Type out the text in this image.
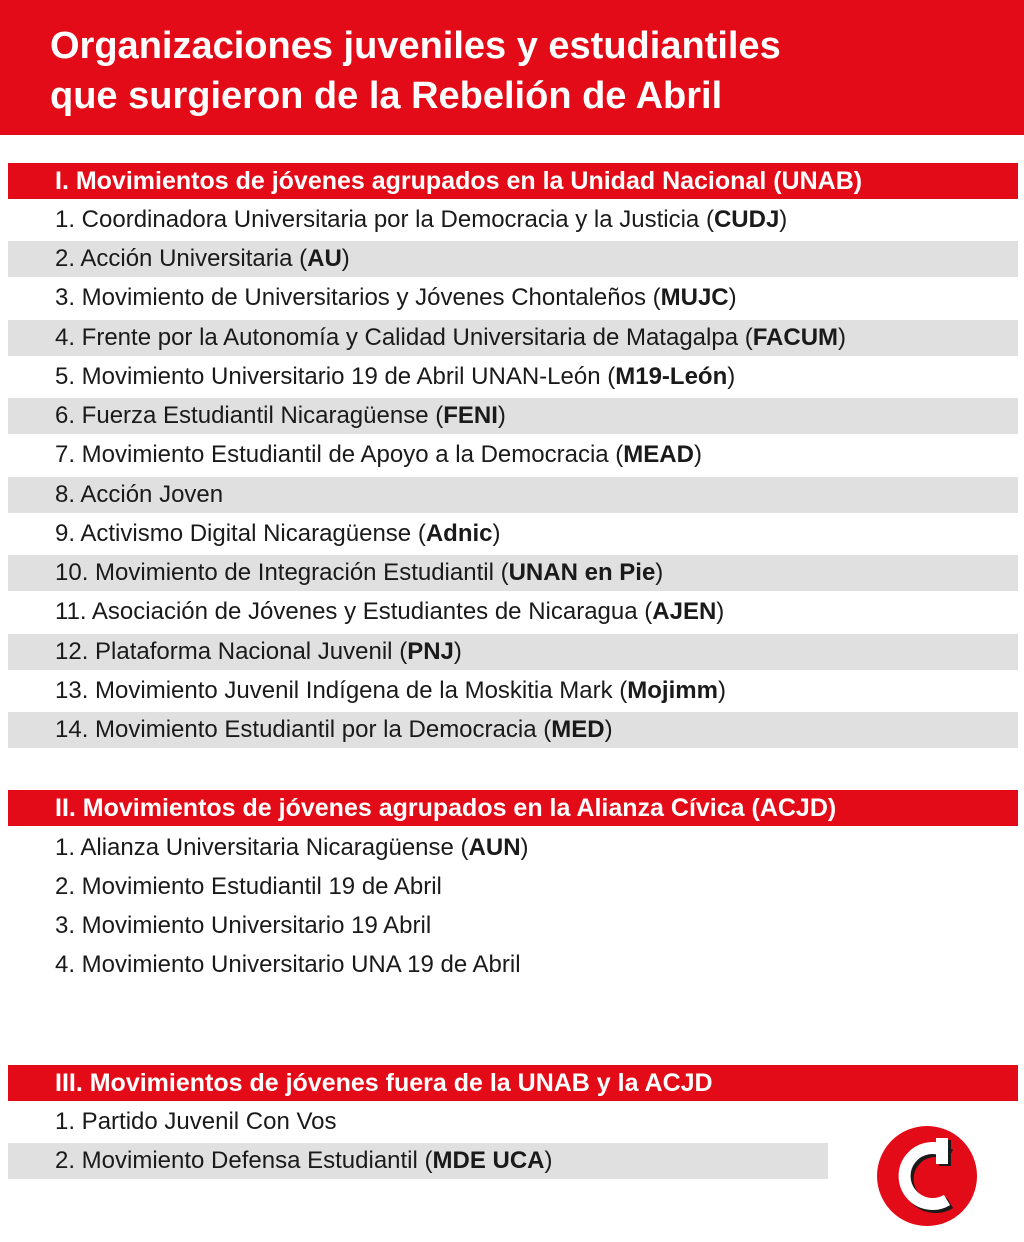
Organizaciones juveniles y estudiantiles
que surgieron de la Rebelión de Abril
I. Movimientos de jóvenes agrupados en la Unidad Nacional (UNAB)
1. Coordinadora Universitaria por la Democracia y la Justicia (CUDJ)
2. Acción Universitaria (AU)
3. Movimiento de Universitarios y Jóvenes Chontaleños (MUJC)
4. Frente por la Autonomía y Calidad Universitaria de Matagalpa (FACUM)
5. Movimiento Universitario 19 de Abril UNAN-León (M19-León)
6. Fuerza Estudiantil Nicaragüense (FENI)
7. Movimiento Estudiantil de Apoyo a la Democracia (MEAD)
8. Acción Joven
9. Activismo Digital Nicaragüense (Adnic)
10. Movimiento de Integración Estudiantil (UNAN en Pie)
11. Asociación de Jóvenes y Estudiantes de Nicaragua (AJEN)
12. Plataforma Nacional Juvenil (PNJ)
13. Movimiento Juvenil Indígena de la Moskitia Mark (Mojimm)
14. Movimiento Estudiantil por la Democracia (MED)
II. Movimientos de jóvenes agrupados en la Alianza Cívica (ACJD)
1. Alianza Universitaria Nicaragüense (AUN)
2. Movimiento Estudiantil 19 de Abril
3. Movimiento Universitario 19 Abril
4. Movimiento Universitario UNA 19 de Abril
III. Movimientos de jóvenes fuera de la UNAB y la ACJD
1. Partido Juvenil Con Vos
2. Movimiento Defensa Estudiantil (MDE UCA)
